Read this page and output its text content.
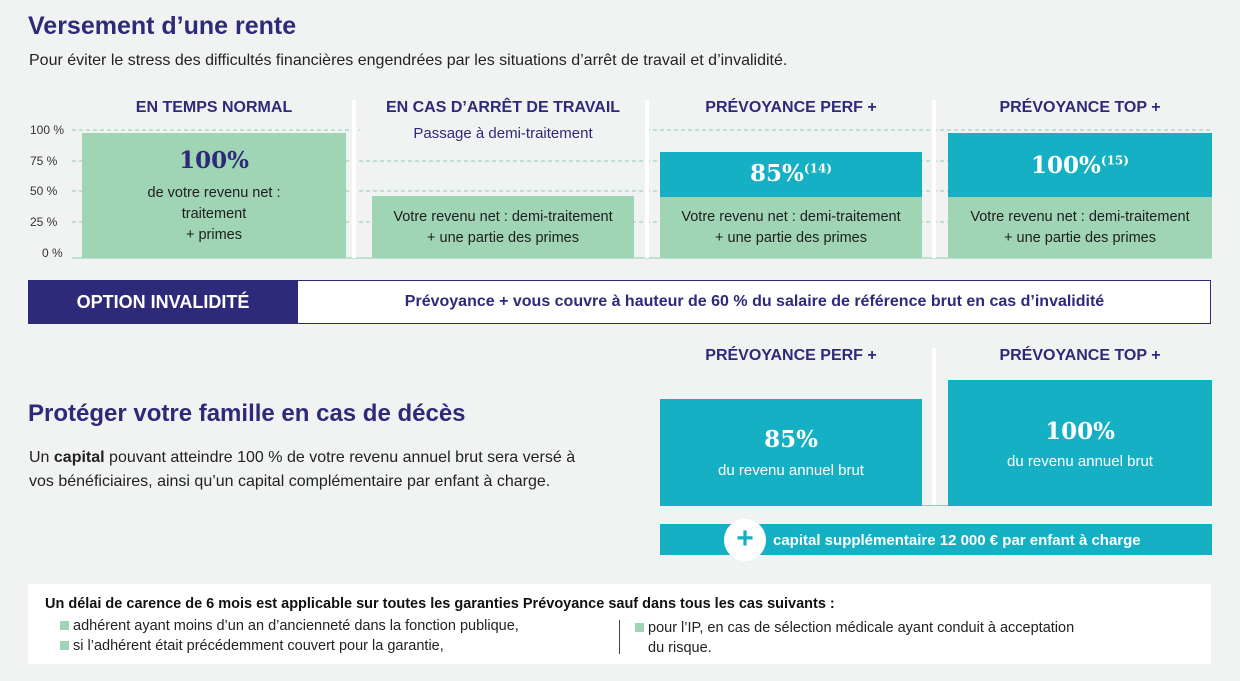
Versement d’une rente
Pour éviter le stress des difficultés financières engendrées par les situations d’arrêt de travail et d’invalidité.
EN TEMPS NORMAL	EN CAS D’ARRÊT DE TRAVAIL	PRÉVOYANCE PERF +	PRÉVOYANCE TOP +
100 %
75 %
50 %
25 %
0 %
100%
de votre revenu net :
traitement
+ primes
Passage à demi-traitement
Votre revenu net : demi-traitement
+ une partie des primes
85%$^{(14)}$
Votre revenu net : demi-traitement
+ une partie des primes
100%$^{(15)}$
Votre revenu net : demi-traitement
+ une partie des primes
OPTION INVALIDITÉ	Prévoyance + vous couvre à hauteur de 60 % du salaire de référence brut en cas d’invalidité
PRÉVOYANCE PERF +	PRÉVOYANCE TOP +
Protéger votre famille en cas de décès
Un capital pouvant atteindre 100 % de votre revenu annuel brut sera versé à vos bénéficiaires, ainsi qu’un capital complémentaire par enfant à charge.
85%
du revenu annuel brut
100%
du revenu annuel brut
+	capital supplémentaire 12 000 € par enfant à charge
Un délai de carence de 6 mois est applicable sur toutes les garanties Prévoyance sauf dans tous les cas suivants :
adhérent ayant moins d’un an d’ancienneté dans la fonction publique,
si l’adhérent était précédemment couvert pour la garantie,
pour l’IP, en cas de sélection médicale ayant conduit à acceptation
du risque.
